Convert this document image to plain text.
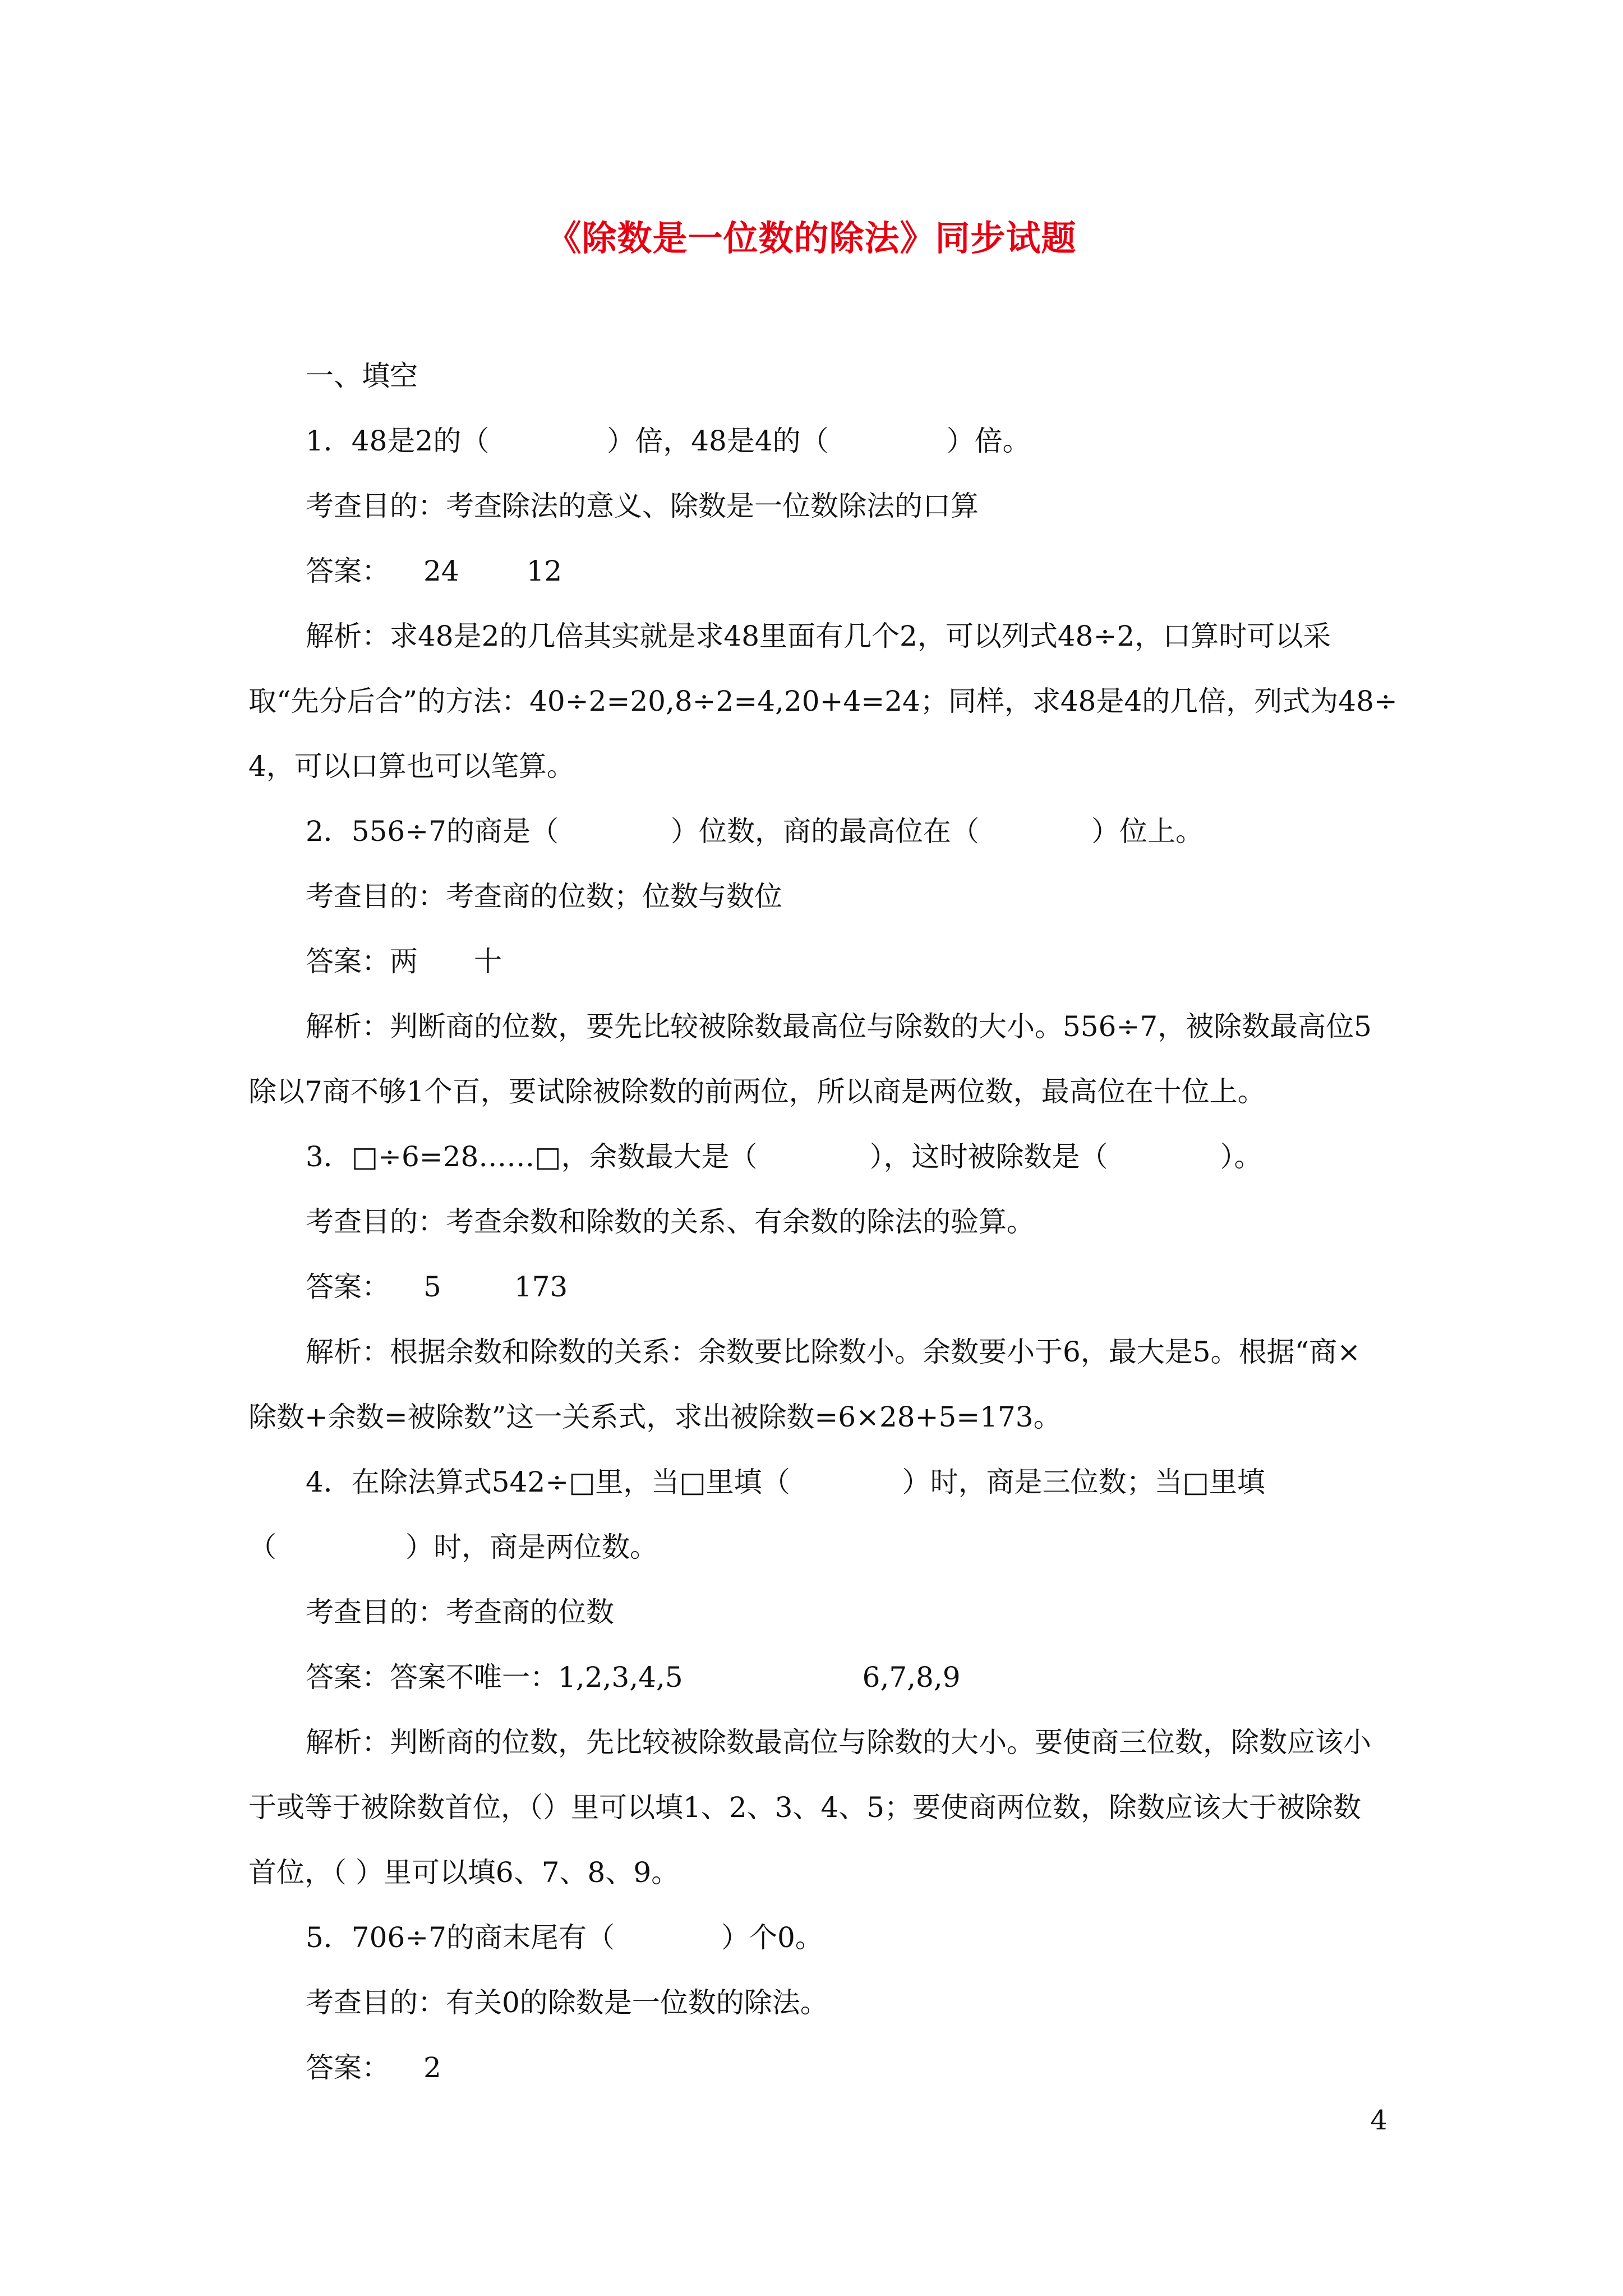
《除数是一位数的除法》同步试题
一、填空
1．48是2的（	）倍，48是4的（	）倍。
考查目的：考查除法的意义、除数是一位数除法的口算
答案： 24 12
解析：求48是2的几倍其实就是求48里面有几个2，可以列式48÷2，口算时可以采
取“先分后合”的方法：40÷2=20,8÷2=4,20+4=24；同样，求48是4的几倍，列式为48÷
4，可以口算也可以笔算。
2．556÷7的商是（	）位数，商的最高位在（	）位上。
考查目的：考查商的位数；位数与数位
答案：两 十
解析：判断商的位数，要先比较被除数最高位与除数的大小。556÷7，被除数最高位5
除以7商不够1个百，要试除被除数的前两位，所以商是两位数，最高位在十位上。
3．□÷6=28……□，余数最大是（	），这时被除数是（	）。
考查目的：考查余数和除数的关系、有余数的除法的验算。
答案： 5	173
解析：根据余数和除数的关系：余数要比除数小。余数要小于6，最大是5。根据“商×
除数+余数=被除数”这一关系式，求出被除数=6×28+5=173。
4．在除法算式542÷□里，当□里填（	）时，商是三位数；当□里填
（	）时，商是两位数。
考查目的：考查商的位数
答案：答案不唯一：1,2,3,4,5	6,7,8,9
解析：判断商的位数，先比较被除数最高位与除数的大小。要使商三位数，除数应该小
于或等于被除数首位，（）里可以填1、2、3、4、5；要使商两位数，除数应该大于被除数
首位，（ ）里可以填6、7、8、9。
5．706÷7的商末尾有（	）个0。
考查目的：有关0的除数是一位数的除法。
答案： 2
4
